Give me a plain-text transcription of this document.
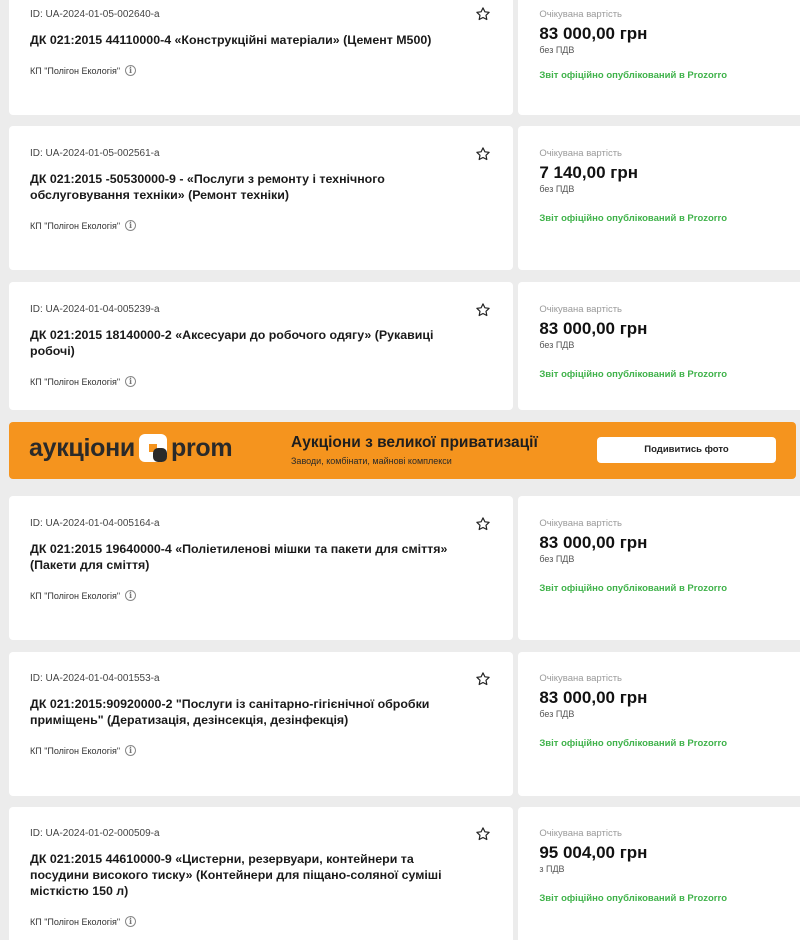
ID: UA-2024-01-05-002640-a
ДК 021:2015 44110000-4 «Конструкційні матеріали» (Цемент М500)
КП "Полігон Екологія"	i
Очікувана вартість
83 000,00 грн
без ПДВ
Звіт офіційно опублікований в Prozorro
ID: UA-2024-01-05-002561-a
ДК 021:2015 -50530000-9 - «Послуги з ремонту і технічного обслуговування техніки» (Ремонт техніки)
КП "Полігон Екологія"	i
Очікувана вартість
7 140,00 грн
без ПДВ
Звіт офіційно опублікований в Prozorro
ID: UA-2024-01-04-005239-a
ДК 021:2015 18140000-2 «Аксесуари до робочого одягу» (Рукавиці робочі)
КП "Полігон Екологія"	i
Очікувана вартість
83 000,00 грн
без ПДВ
Звіт офіційно опублікований в Prozorro
аукціони prom	Аукціони з великої приватизації
Заводи, комбінати, майнові комплекси
Подивитись фото
ID: UA-2024-01-04-005164-a
ДК 021:2015 19640000-4 «Поліетиленові мішки та пакети для сміття» (Пакети для сміття)
КП "Полігон Екологія"	i
Очікувана вартість
83 000,00 грн
без ПДВ
Звіт офіційно опублікований в Prozorro
ID: UA-2024-01-04-001553-a
ДК 021:2015:90920000-2 "Послуги із санітарно-гігієнічної обробки приміщень" (Дератизація, дезінсекція, дезінфекція)
КП "Полігон Екологія"	i
Очікувана вартість
83 000,00 грн
без ПДВ
Звіт офіційно опублікований в Prozorro
ID: UA-2024-01-02-000509-a
ДК 021:2015 44610000-9 «Цистерни, резервуари, контейнери та посудини високого тиску» (Контейнери для піщано-соляної суміші місткістю 150 л)
КП "Полігон Екологія"	i
Очікувана вартість
95 004,00 грн
з ПДВ
Звіт офіційно опублікований в Prozorro
